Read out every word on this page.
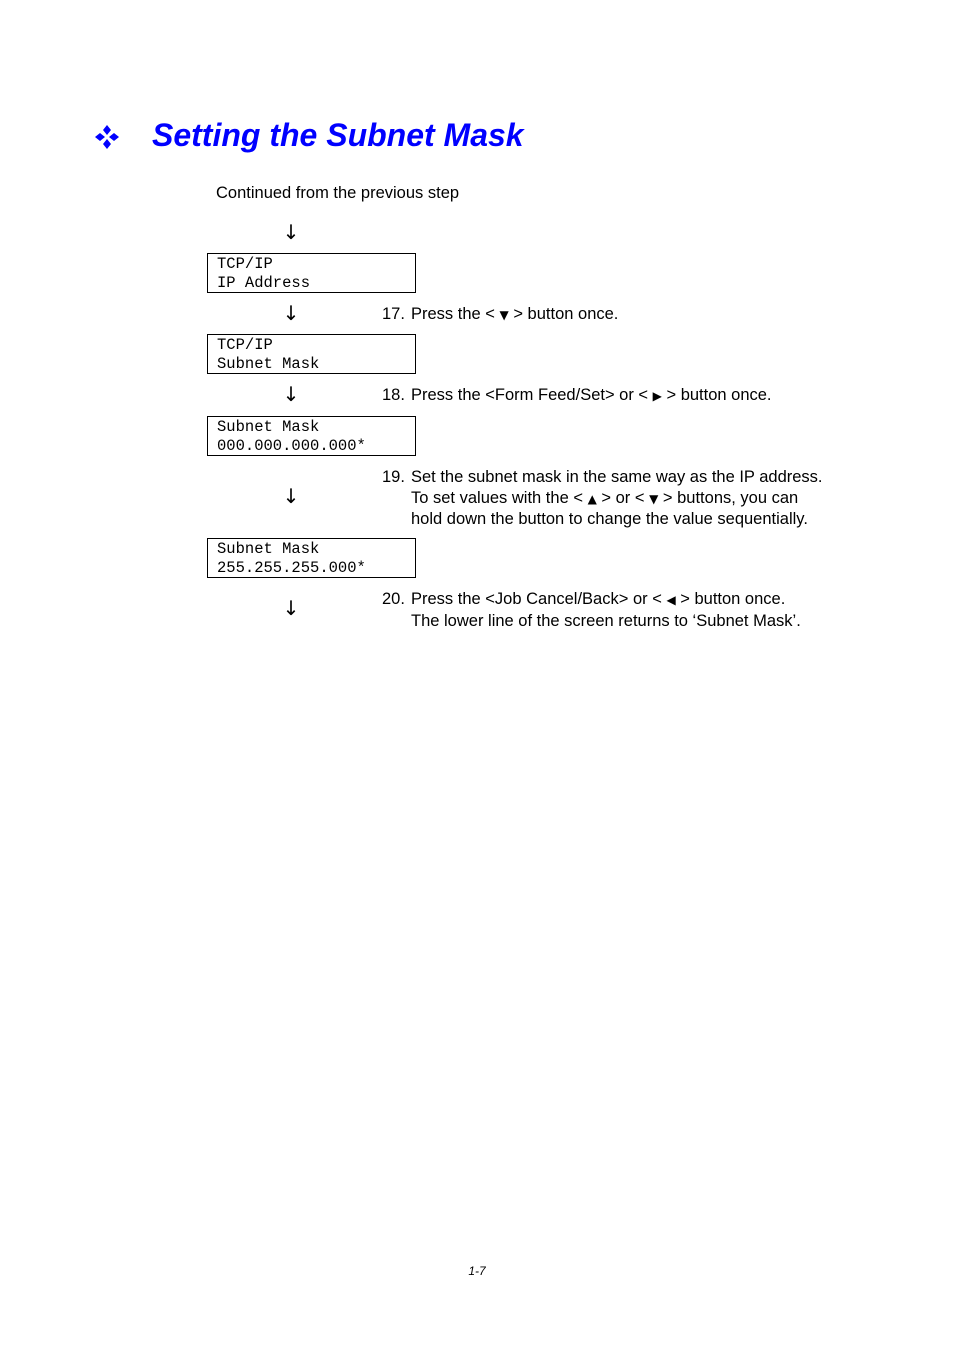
Setting the Subnet Mask
Continued from the previous step
↓
TCP/IP
IP Address
↓	17. Press the < ▼ > button once.
TCP/IP
Subnet Mask
↓	18. Press the <Form Feed/Set> or < ▶ > button once.
Subnet Mask
000.000.000.000*
↓
19. Set the subnet mask in the same way as the IP address.
To set values with the < ▲ > or < ▼ > buttons, you can
hold down the button to change the value sequentially.
Subnet Mask
255.255.255.000*
↓	20. Press the <Job Cancel/Back> or < ◀ > button once.
The lower line of the screen returns to ‘Subnet Mask’.
1-7
